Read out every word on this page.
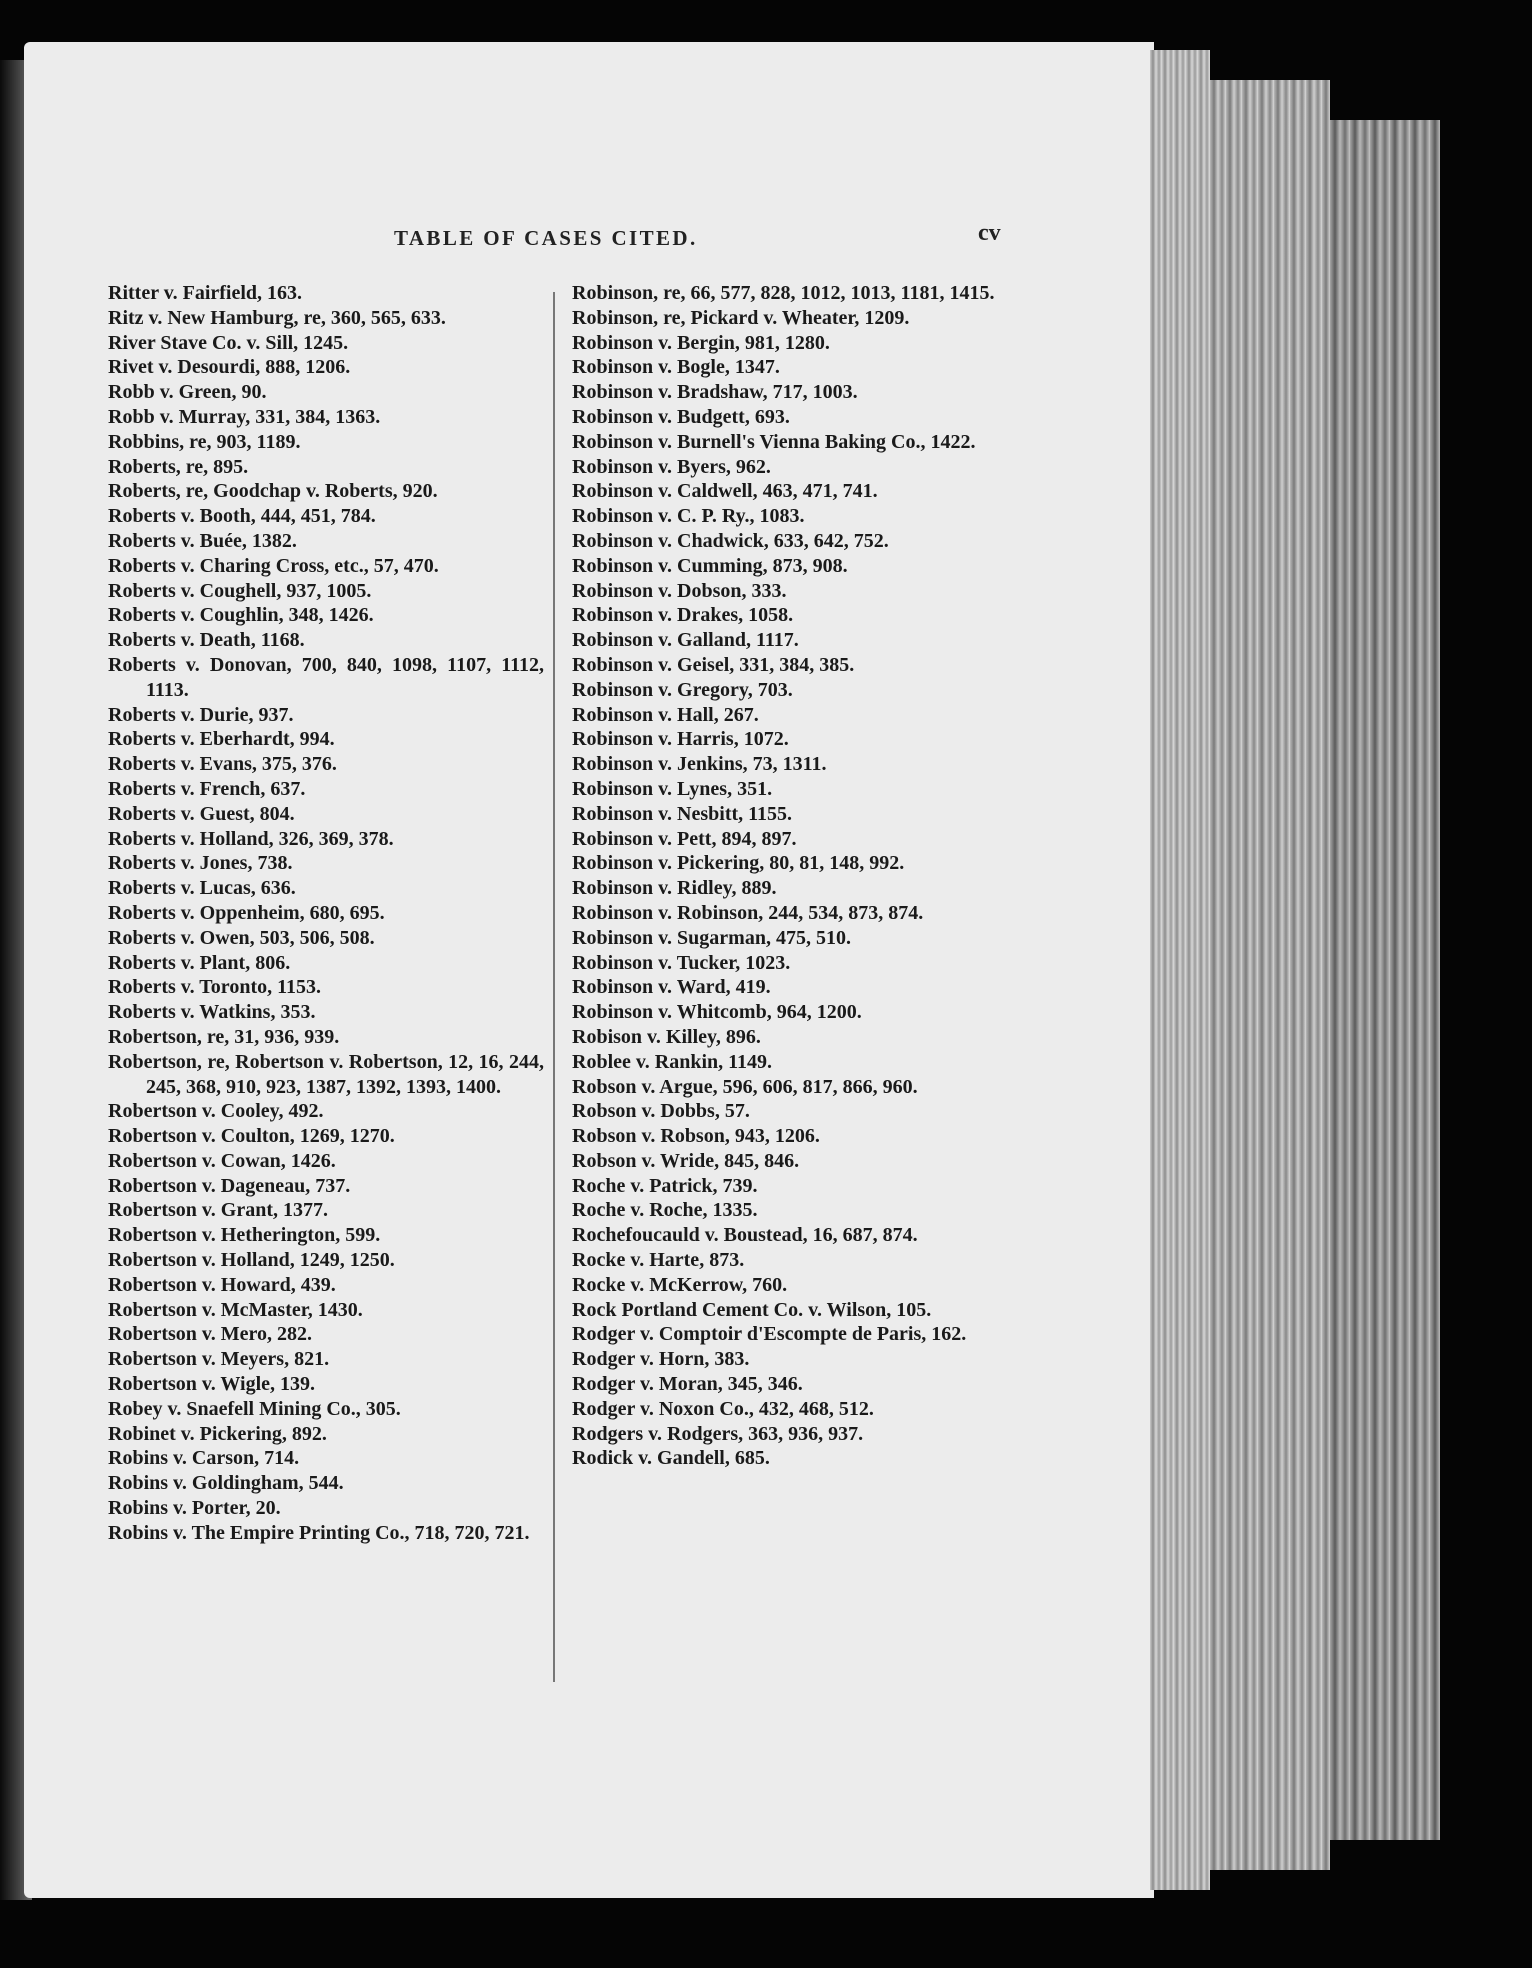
TABLE OF CASES CITED.	cv
Ritter v. Fairfield, 163.
Ritz v. New Hamburg, re, 360, 565, 633.
River Stave Co. v. Sill, 1245.
Rivet v. Desourdi, 888, 1206.
Robb v. Green, 90.
Robb v. Murray, 331, 384, 1363.
Robbins, re, 903, 1189.
Roberts, re, 895.
Roberts, re, Goodchap v. Roberts, 920.
Roberts v. Booth, 444, 451, 784.
Roberts v. Buée, 1382.
Roberts v. Charing Cross, etc., 57, 470.
Roberts v. Coughell, 937, 1005.
Roberts v. Coughlin, 348, 1426.
Roberts v. Death, 1168.
Roberts v. Donovan, 700, 840, 1098, 1107, 1112, 1113.
Roberts v. Durie, 937.
Roberts v. Eberhardt, 994.
Roberts v. Evans, 375, 376.
Roberts v. French, 637.
Roberts v. Guest, 804.
Roberts v. Holland, 326, 369, 378.
Roberts v. Jones, 738.
Roberts v. Lucas, 636.
Roberts v. Oppenheim, 680, 695.
Roberts v. Owen, 503, 506, 508.
Roberts v. Plant, 806.
Roberts v. Toronto, 1153.
Roberts v. Watkins, 353.
Robertson, re, 31, 936, 939.
Robertson, re, Robertson v. Robertson, 12, 16, 244, 245, 368, 910, 923, 1387, 1392, 1393, 1400.
Robertson v. Cooley, 492.
Robertson v. Coulton, 1269, 1270.
Robertson v. Cowan, 1426.
Robertson v. Dageneau, 737.
Robertson v. Grant, 1377.
Robertson v. Hetherington, 599.
Robertson v. Holland, 1249, 1250.
Robertson v. Howard, 439.
Robertson v. McMaster, 1430.
Robertson v. Mero, 282.
Robertson v. Meyers, 821.
Robertson v. Wigle, 139.
Robey v. Snaefell Mining Co., 305.
Robinet v. Pickering, 892.
Robins v. Carson, 714.
Robins v. Goldingham, 544.
Robins v. Porter, 20.
Robins v. The Empire Printing Co., 718, 720, 721.
Robinson, re, 66, 577, 828, 1012, 1013, 1181, 1415.
Robinson, re, Pickard v. Wheater, 1209.
Robinson v. Bergin, 981, 1280.
Robinson v. Bogle, 1347.
Robinson v. Bradshaw, 717, 1003.
Robinson v. Budgett, 693.
Robinson v. Burnell's Vienna Baking Co., 1422.
Robinson v. Byers, 962.
Robinson v. Caldwell, 463, 471, 741.
Robinson v. C. P. Ry., 1083.
Robinson v. Chadwick, 633, 642, 752.
Robinson v. Cumming, 873, 908.
Robinson v. Dobson, 333.
Robinson v. Drakes, 1058.
Robinson v. Galland, 1117.
Robinson v. Geisel, 331, 384, 385.
Robinson v. Gregory, 703.
Robinson v. Hall, 267.
Robinson v. Harris, 1072.
Robinson v. Jenkins, 73, 1311.
Robinson v. Lynes, 351.
Robinson v. Nesbitt, 1155.
Robinson v. Pett, 894, 897.
Robinson v. Pickering, 80, 81, 148, 992.
Robinson v. Ridley, 889.
Robinson v. Robinson, 244, 534, 873, 874.
Robinson v. Sugarman, 475, 510.
Robinson v. Tucker, 1023.
Robinson v. Ward, 419.
Robinson v. Whitcomb, 964, 1200.
Robison v. Killey, 896.
Roblee v. Rankin, 1149.
Robson v. Argue, 596, 606, 817, 866, 960.
Robson v. Dobbs, 57.
Robson v. Robson, 943, 1206.
Robson v. Wride, 845, 846.
Roche v. Patrick, 739.
Roche v. Roche, 1335.
Rochefoucauld v. Boustead, 16, 687, 874.
Rocke v. Harte, 873.
Rocke v. McKerrow, 760.
Rock Portland Cement Co. v. Wilson, 105.
Rodger v. Comptoir d'Escompte de Paris, 162.
Rodger v. Horn, 383.
Rodger v. Moran, 345, 346.
Rodger v. Noxon Co., 432, 468, 512.
Rodgers v. Rodgers, 363, 936, 937.
Rodick v. Gandell, 685.
